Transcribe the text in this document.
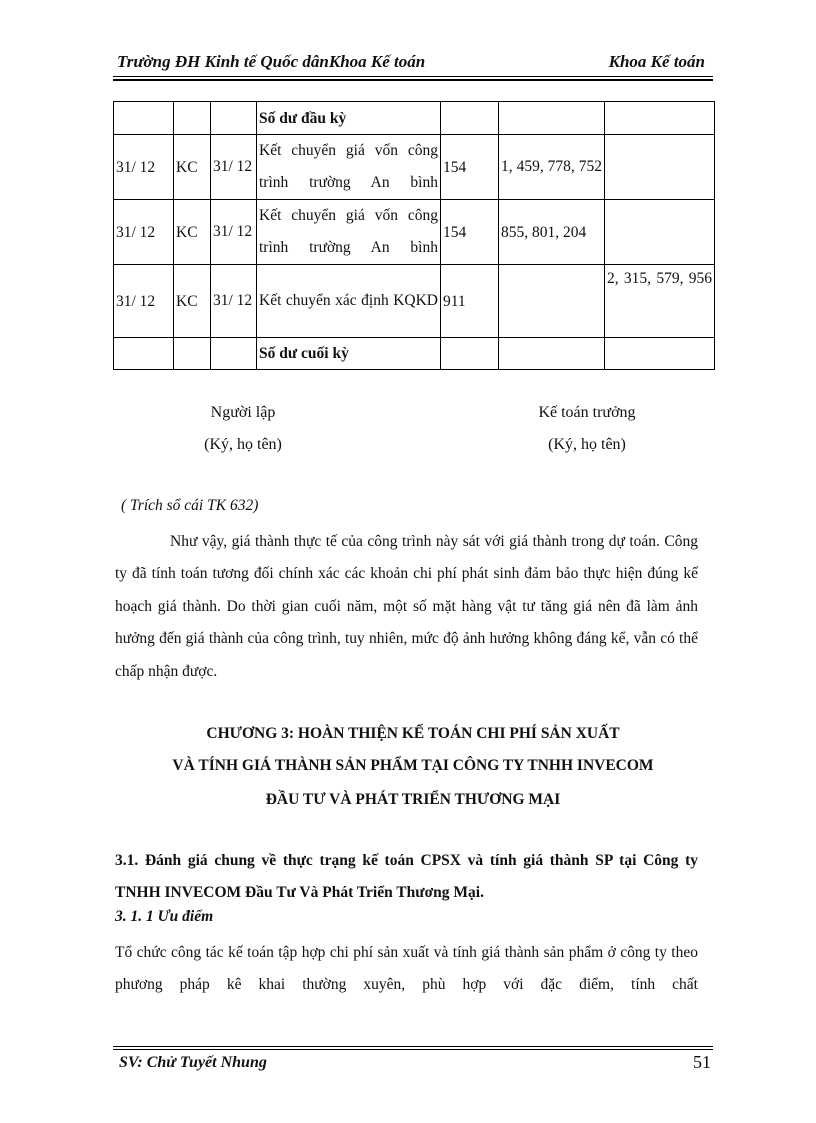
Trường ĐH Kinh tế Quốc dânKhoa Kế toán	Khoa Kế toán
			Số dư đầu kỳ			
31/ 12	KC	31/ 12	Kết chuyển giá vốn công trình trường An bình	154	1, 459, 778, 752	

31/ 12	KC	31/ 12	Kết chuyển giá vốn công trình trường An bình	154	855, 801, 204	
31/ 12	KC	31/ 12	Kết chuyển xác định KQKD	911		2, 315, 579, 956

			Số dư cuối kỳ			
Người lập
(Ký, họ tên)
Kế toán trưởng
(Ký, họ tên)
( Trích sổ cái TK 632)
Như vậy, giá thành thực tế của công trình này sát với giá thành trong dự toán. Công ty đã tính toán tương đối chính xác các khoản chi phí phát sinh đảm bảo thực hiện đúng kế hoạch giá thành. Do thời gian cuối năm, một số mặt hàng vật tư tăng giá nên đã làm ảnh hưởng đến giá thành của công trình, tuy nhiên, mức độ ảnh hưởng không đáng kể, vẫn có thể chấp nhận được.
CHƯƠNG 3: HOÀN THIỆN KẾ TOÁN CHI PHÍ SẢN XUẤT
VÀ TÍNH GIÁ THÀNH SẢN PHẨM TẠI CÔNG TY TNHH INVECOM
ĐẦU TƯ VÀ PHÁT TRIỂN THƯƠNG MẠI
3.1. Đánh giá chung về thực trạng kế toán CPSX và tính giá thành SP tại Công ty TNHH INVECOM Đầu Tư Và Phát Triển Thương Mại.
3. 1. 1 Ưu điểm
Tổ chức công tác kế toán tập hợp chi phí sản xuất và tính giá thành sản phẩm ở công ty theo phương pháp kê khai thường xuyên, phù hợp với đặc điểm, tính chất
SV: Chử Tuyết Nhung	51
